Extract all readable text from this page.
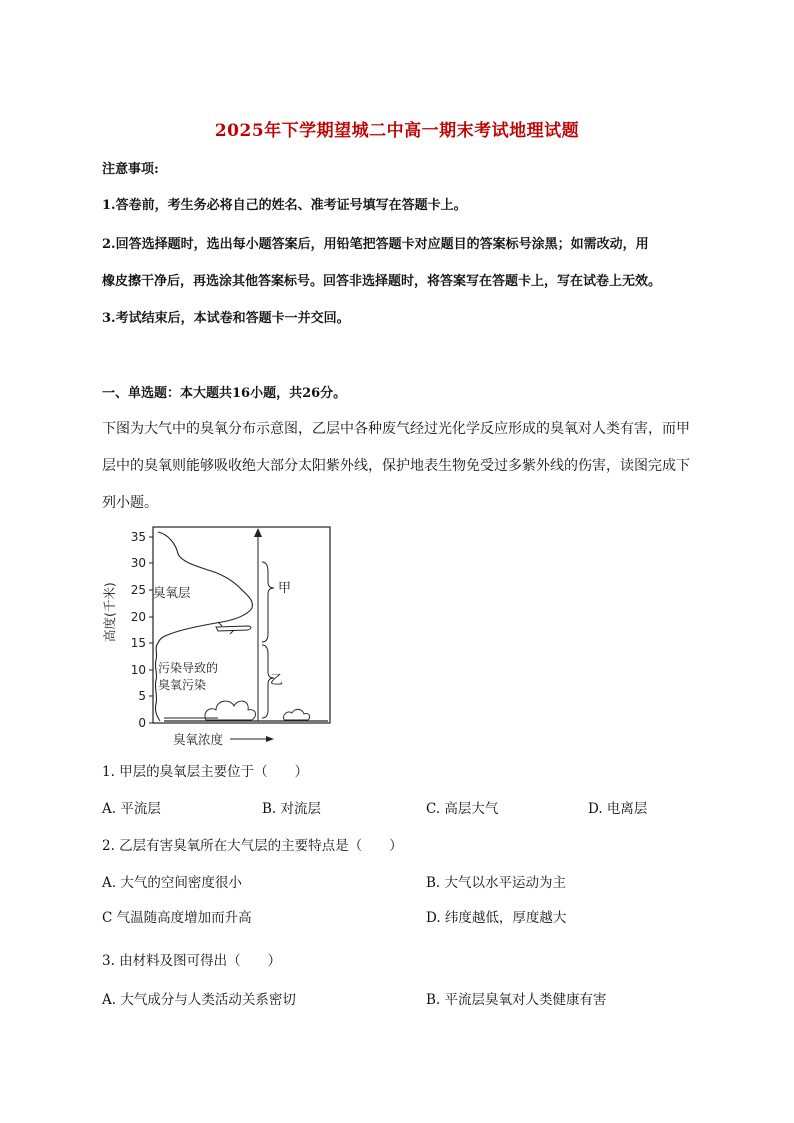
2025年下学期望城二中高一期末考试地理试题
注意事项:
1.答卷前，考生务必将自己的姓名、准考证号填写在答题卡上。
2.回答选择题时，选出每小题答案后，用铅笔把答题卡对应题目的答案标号涂黑；如需改动，用
橡皮擦干净后，再选涂其他答案标号。回答非选择题时，将答案写在答题卡上，写在试卷上无效。
3.考试结束后，本试卷和答题卡一并交回。
一、单选题：本大题共16小题，共26分。
下图为大气中的臭氧分布示意图，乙层中各种废气经过光化学反应形成的臭氧对人类有害，而甲
层中的臭氧则能够吸收绝大部分太阳紫外线，保护地表生物免受过多紫外线的伤害，读图完成下
列小题。
35
30
25
20
15
10
5
0
高度(千米)	甲
乙
臭氧层
污染导致的
臭氧污染
臭氧浓度
1. 甲层的臭氧层主要位于（　　）
A. 平流层	B. 对流层	C. 高层大气	D. 电离层
2. 乙层有害臭氧所在大气层的主要特点是（　　）
A. 大气的空间密度很小	B. 大气以水平运动为主
C 气温随高度增加而升高	D. 纬度越低，厚度越大
3. 由材料及图可得出（　　）
A. 大气成分与人类活动关系密切	B. 平流层臭氧对人类健康有害
